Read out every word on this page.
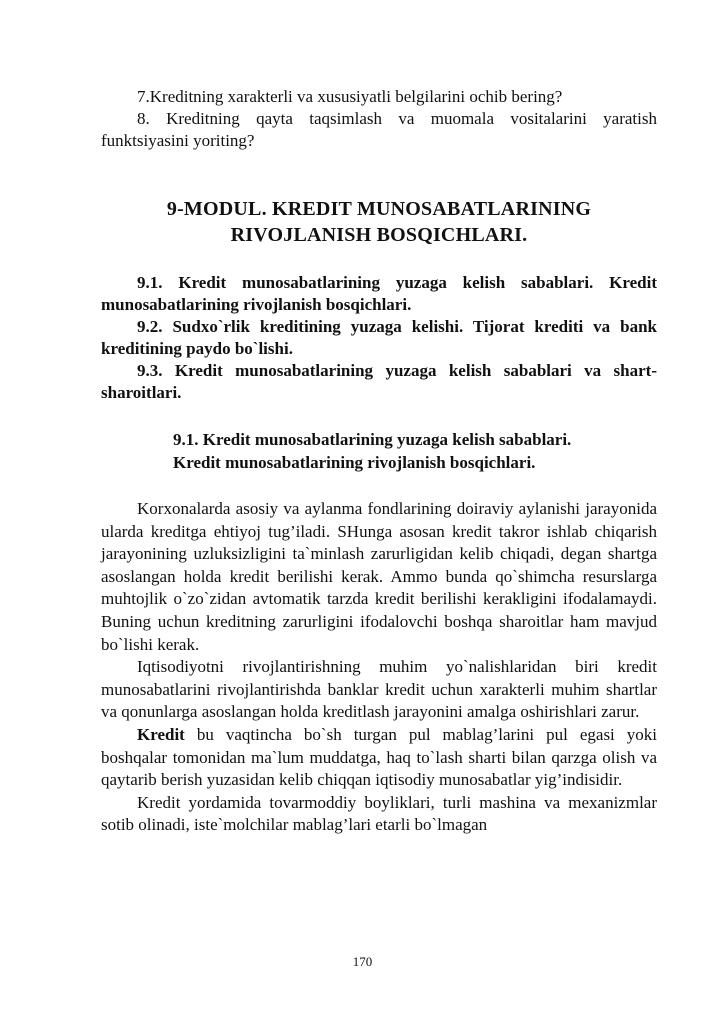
7.Kreditning xarakterli va xususiyatli belgilarini ochib bering?

8. Kreditning qayta taqsimlash va muomala vositalarini yaratish funktsiyasini yoriting?

9-MODUL. KREDIT MUNOSABATLARINING
RIVOJLANISH BOSQICHLARI.

9.1. Kredit munosabatlarining yuzaga kelish sabablari. Kredit munosabatlarining rivojlanish bosqichlari.

9.2. Sudxo`rlik kreditining yuzaga kelishi. Tijorat krediti va bank kreditining paydo bo`lishi.

9.3. Kredit munosabatlarining yuzaga kelish sabablari va shart-sharoitlari.

9.1. Kredit munosabatlarining yuzaga kelish sabablari.
Kredit munosabatlarining rivojlanish bosqichlari.

Korxonalarda asosiy va aylanma fondlarining doiraviy aylanishi jarayonida ularda kreditga ehtiyoj tug’iladi. SHunga asosan kredit takror ishlab chiqarish jarayonining uzluksizligini ta`minlash zarurligidan kelib chiqadi, degan shartga asoslangan holda kredit berilishi kerak. Ammo bunda qo`shimcha resurslarga muhtojlik o`zo`zidan avtomatik tarzda kredit berilishi kerakligini ifodalamaydi. Buning uchun kreditning zarurligini ifodalovchi boshqa sharoitlar ham mavjud bo`lishi kerak.

Iqtisodiyotni rivojlantirishning muhim yo`nalishlaridan biri kredit munosabatlarini rivojlantirishda banklar kredit uchun xarakterli muhim shartlar va qonunlarga asoslangan holda kreditlash jarayonini amalga oshirishlari zarur.

Kredit bu vaqtincha bo`sh turgan pul mablag’larini pul egasi yoki boshqalar tomonidan ma`lum muddatga, haq to`lash sharti bilan qarzga olish va qaytarib berish yuzasidan kelib chiqqan iqtisodiy munosabatlar yig’indisidir.

Kredit yordamida tovarmoddiy boyliklari, turli mashina va mexanizmlar sotib olinadi, iste`molchilar mablag’lari etarli bo`lmagan

170
